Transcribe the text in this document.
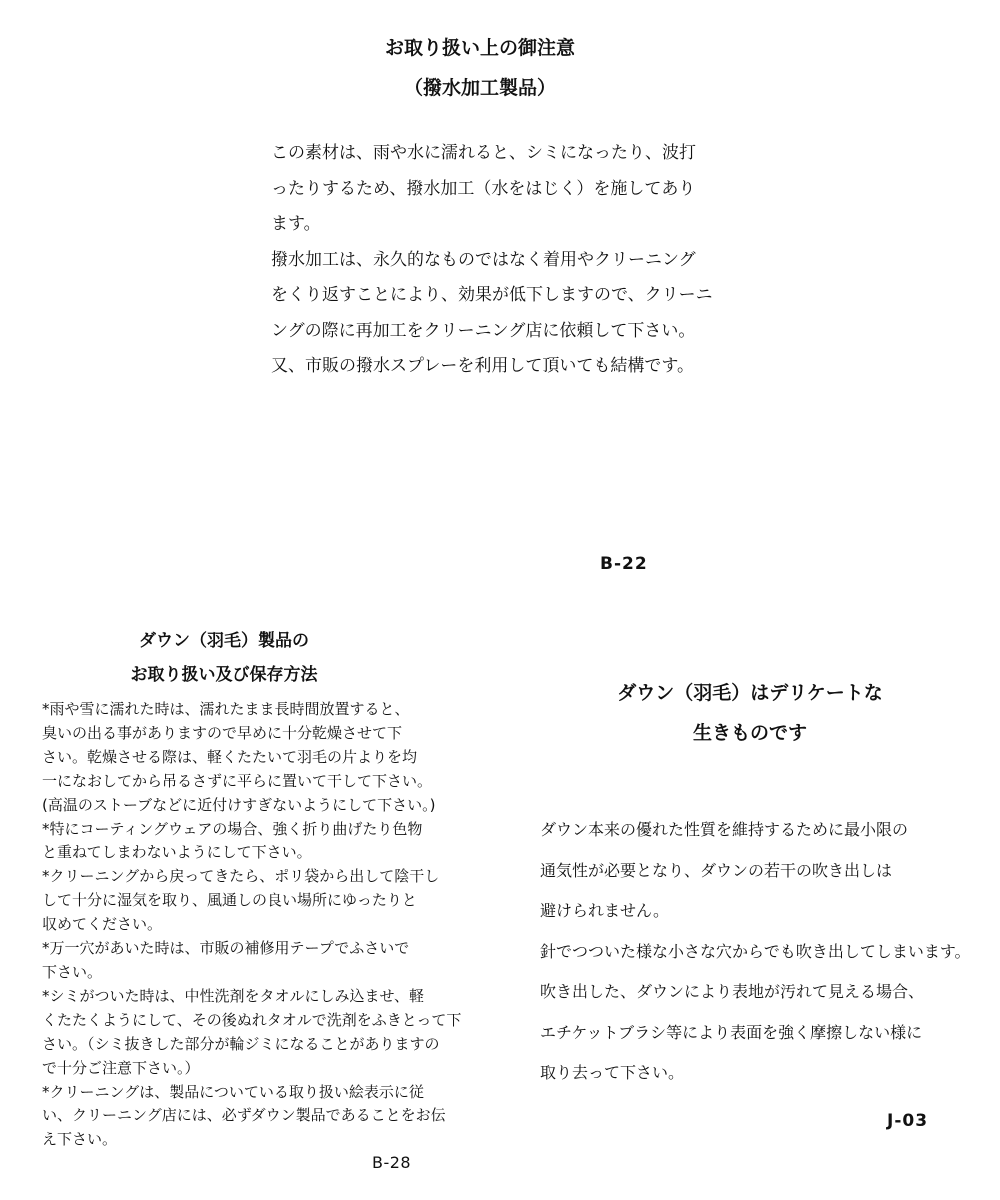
お取り扱い上の御注意
（撥水加工製品）
この素材は、雨や水に濡れると、シミになったり、波打
ったりするため、撥水加工（水をはじく）を施してあり
ます。
撥水加工は、永久的なものではなく着用やクリーニング
をくり返すことにより、効果が低下しますので、クリーニ
ングの際に再加工をクリーニング店に依頼して下さい。
又、市販の撥水スプレーを利用して頂いても結構です。
B-22
ダウン（羽毛）製品の
お取り扱い及び保存方法
*雨や雪に濡れた時は、濡れたまま長時間放置すると、
臭いの出る事がありますので早めに十分乾燥させて下
さい。乾燥させる際は、軽くたたいて羽毛の片よりを均
一になおしてから吊るさずに平らに置いて干して下さい。
(高温のストーブなどに近付けすぎないようにして下さい。)
*特にコーティングウェアの場合、強く折り曲げたり色物
と重ねてしまわないようにして下さい。
*クリーニングから戻ってきたら、ポリ袋から出して陰干し
して十分に湿気を取り、風通しの良い場所にゆったりと
収めてください。
*万一穴があいた時は、市販の補修用テープでふさいで
下さい。
*シミがついた時は、中性洗剤をタオルにしみ込ませ、軽
くたたくようにして、その後ぬれタオルで洗剤をふきとって下
さい。（シミ抜きした部分が輪ジミになることがありますの
で十分ご注意下さい。）
*クリーニングは、製品についている取り扱い絵表示に従
い、クリーニング店には、必ずダウン製品であることをお伝
え下さい。
B-28
ダウン（羽毛）はデリケートな
生きものです
ダウン本来の優れた性質を維持するために最小限の
通気性が必要となり、ダウンの若干の吹き出しは
避けられません。
針でつついた様な小さな穴からでも吹き出してしまいます。
吹き出した、ダウンにより表地が汚れて見える場合、
エチケットブラシ等により表面を強く摩擦しない様に
取り去って下さい。
J-03
